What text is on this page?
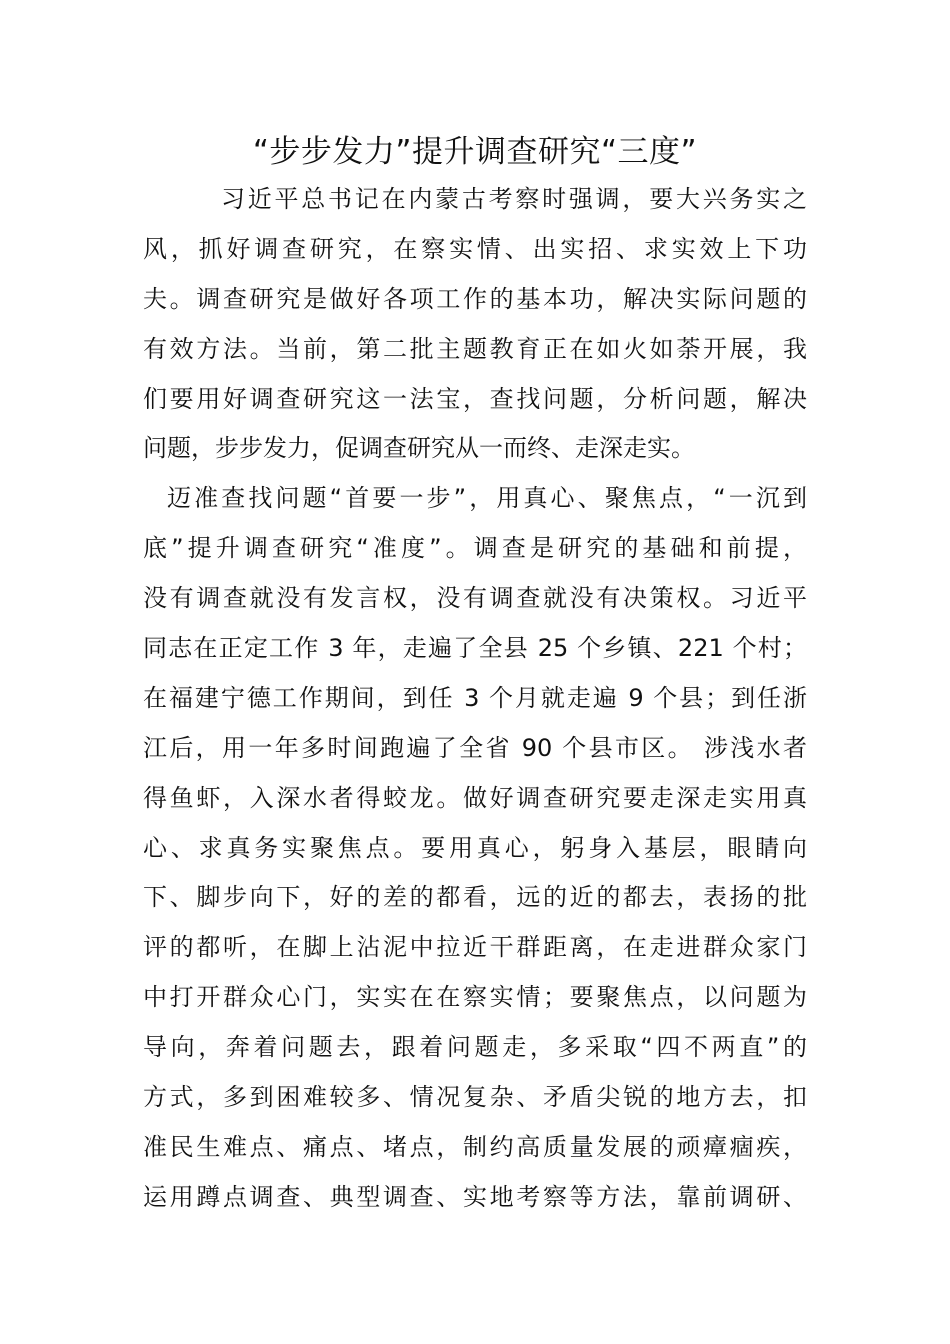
“步步发力”提升调查研究“三度”
习近平总书记在内蒙古考察时强调，要大兴务实之
风，抓好调查研究，在察实情、出实招、求实效上下功
夫。调查研究是做好各项工作的基本功，解决实际问题的
有效方法。当前，第二批主题教育正在如火如荼开展，我
们要用好调查研究这一法宝，查找问题，分析问题，解决
问题，步步发力，促调查研究从一而终、走深走实。
迈准查找问题“首要一步”，用真心、聚焦点，“一沉到
底”提升调查研究“准度”。调查是研究的基础和前提，
没有调查就没有发言权，没有调查就没有决策权。习近平
同志在正定工作 3 年，走遍了全县 25 个乡镇、221 个村；
在福建宁德工作期间，到任 3 个月就走遍 9 个县；到任浙
江后，用一年多时间跑遍了全省 90 个县市区。 涉浅水者
得鱼虾，入深水者得蛟龙。做好调查研究要走深走实用真
心、求真务实聚焦点。要用真心，躬身入基层，眼睛向
下、脚步向下，好的差的都看，远的近的都去，表扬的批
评的都听，在脚上沾泥中拉近干群距离，在走进群众家门
中打开群众心门，实实在在察实情；要聚焦点，以问题为
导向，奔着问题去，跟着问题走，多采取“四不两直”的
方式，多到困难较多、情况复杂、矛盾尖锐的地方去，扣
准民生难点、痛点、堵点，制约高质量发展的顽瘴痼疾，
运用蹲点调查、典型调查、实地考察等方法，靠前调研、
